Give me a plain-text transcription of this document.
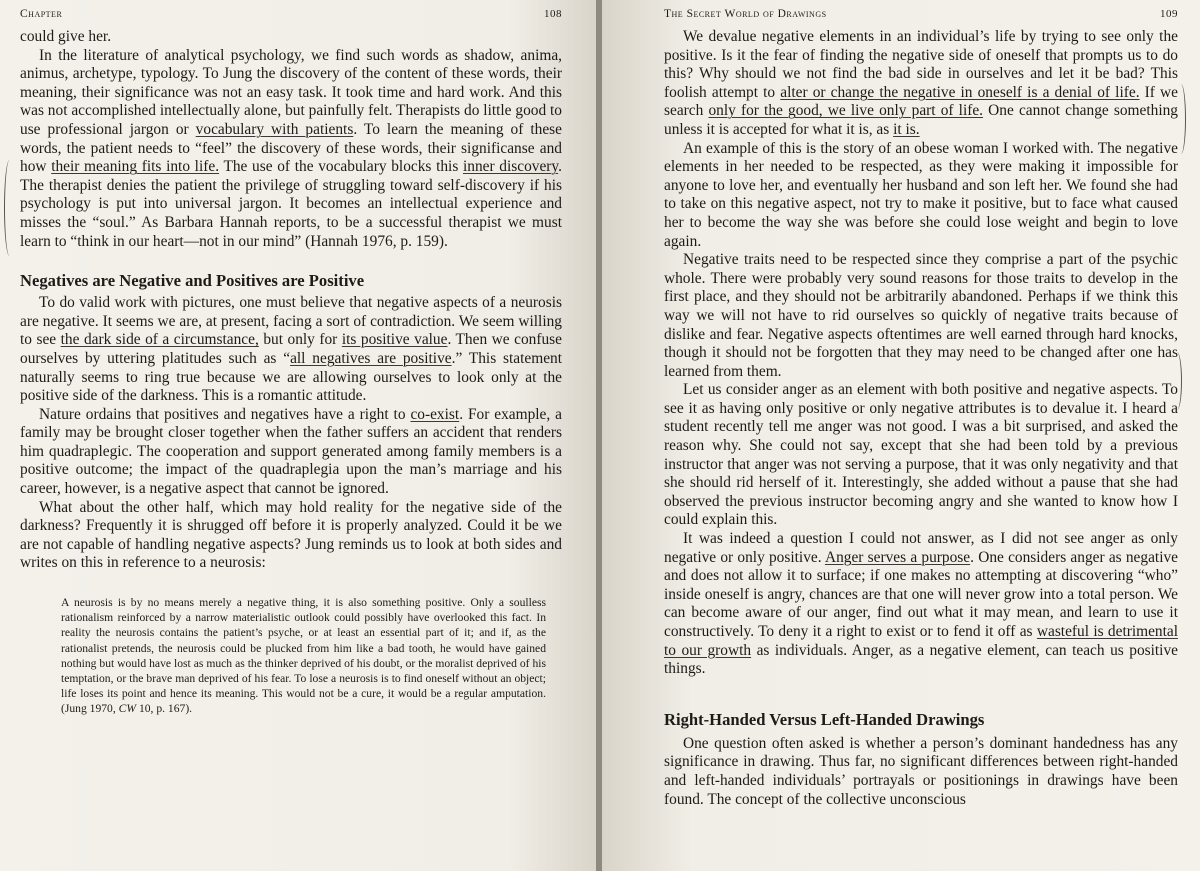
Chapter	108

could give her.

In the literature of analytical psychology, we find such words as shadow, anima, animus, archetype, typology. To Jung the discovery of the content of these words, their meaning, their significance was not an easy task. It took time and hard work. And this was not accomplished intellectually alone, but painfully felt. Therapists do little good to use professional jargon or vocabulary with patients. To learn the meaning of these words, the patient needs to “feel” the discovery of these words, their significanse and how their meaning fits into life. The use of the vocabulary blocks this inner discovery. The therapist denies the patient the privilege of struggling toward self-discovery if his psychology is put into universal jargon. It becomes an intellectual experience and misses the “soul.” As Barbara Hannah reports, to be a successful therapist we must learn to “think in our heart—not in our mind” (Hannah 1976, p. 159).

Negatives are Negative and Positives are Positive

To do valid work with pictures, one must believe that negative aspects of a neurosis are negative. It seems we are, at present, facing a sort of contradiction. We seem willing to see the dark side of a circumstance, but only for its positive value. Then we confuse ourselves by uttering platitudes such as “all negatives are positive.” This statement naturally seems to ring true because we are allowing ourselves to look only at the positive side of the darkness. This is a romantic attitude.

Nature ordains that positives and negatives have a right to co-exist. For example, a family may be brought closer together when the father suffers an accident that renders him quadraplegic. The cooperation and support generated among family members is a positive outcome; the impact of the quadraplegia upon the man’s marriage and his career, however, is a negative aspect that cannot be ignored.

What about the other half, which may hold reality for the negative side of the darkness? Frequently it is shrugged off before it is properly analyzed. Could it be we are not capable of handling negative aspects? Jung reminds us to look at both sides and writes on this in reference to a neurosis:

A neurosis is by no means merely a negative thing, it is also something positive. Only a soulless rationalism reinforced by a narrow materialistic outlook could possibly have overlooked this fact. In reality the neurosis contains the patient’s psyche, or at least an essential part of it; and if, as the rationalist pretends, the neurosis could be plucked from him like a bad tooth, he would have gained nothing but would have lost as much as the thinker deprived of his doubt, or the moralist deprived of his temptation, or the brave man deprived of his fear. To lose a neurosis is to find oneself without an object; life loses its point and hence its meaning. This would not be a cure, it would be a regular amputation. (Jung 1970, CW 10, p. 167).

The Secret World of Drawings	109

We devalue negative elements in an individual’s life by trying to see only the positive. Is it the fear of finding the negative side of oneself that prompts us to do this? Why should we not find the bad side in ourselves and let it be bad? This foolish attempt to alter or change the negative in oneself is a denial of life. If we search only for the good, we live only part of life. One cannot change something unless it is accepted for what it is, as it is.

An example of this is the story of an obese woman I worked with. The negative elements in her needed to be respected, as they were making it impossible for anyone to love her, and eventually her husband and son left her. We found she had to take on this negative aspect, not try to make it positive, but to face what caused her to become the way she was before she could lose weight and begin to love again.

Negative traits need to be respected since they comprise a part of the psychic whole. There were probably very sound reasons for those traits to develop in the first place, and they should not be arbitrarily abandoned. Perhaps if we think this way we will not have to rid ourselves so quickly of negative traits because of dislike and fear. Negative aspects oftentimes are well earned through hard knocks, though it should not be forgotten that they may need to be changed after one has learned from them.

Let us consider anger as an element with both positive and negative aspects. To see it as having only positive or only negative attributes is to devalue it. I heard a student recently tell me anger was not good. I was a bit surprised, and asked the reason why. She could not say, except that she had been told by a previous instructor that anger was not serving a purpose, that it was only negativity and that she should rid herself of it. Interestingly, she added without a pause that she had observed the previous instructor becoming angry and she wanted to know how I could explain this.

It was indeed a question I could not answer, as I did not see anger as only negative or only positive. Anger serves a purpose. One considers anger as negative and does not allow it to surface; if one makes no attempting at discovering “who” inside oneself is angry, chances are that one will never grow into a total person. We can become aware of our anger, find out what it may mean, and learn to use it constructively. To deny it a right to exist or to fend it off as wasteful is detrimental to our growth as individuals. Anger, as a negative element, can teach us positive things.

Right-Handed Versus Left-Handed Drawings

One question often asked is whether a person’s dominant handedness has any significance in drawing. Thus far, no significant differences between right-handed and left-handed individuals’ portrayals or positionings in drawings have been found. The concept of the collective unconscious
